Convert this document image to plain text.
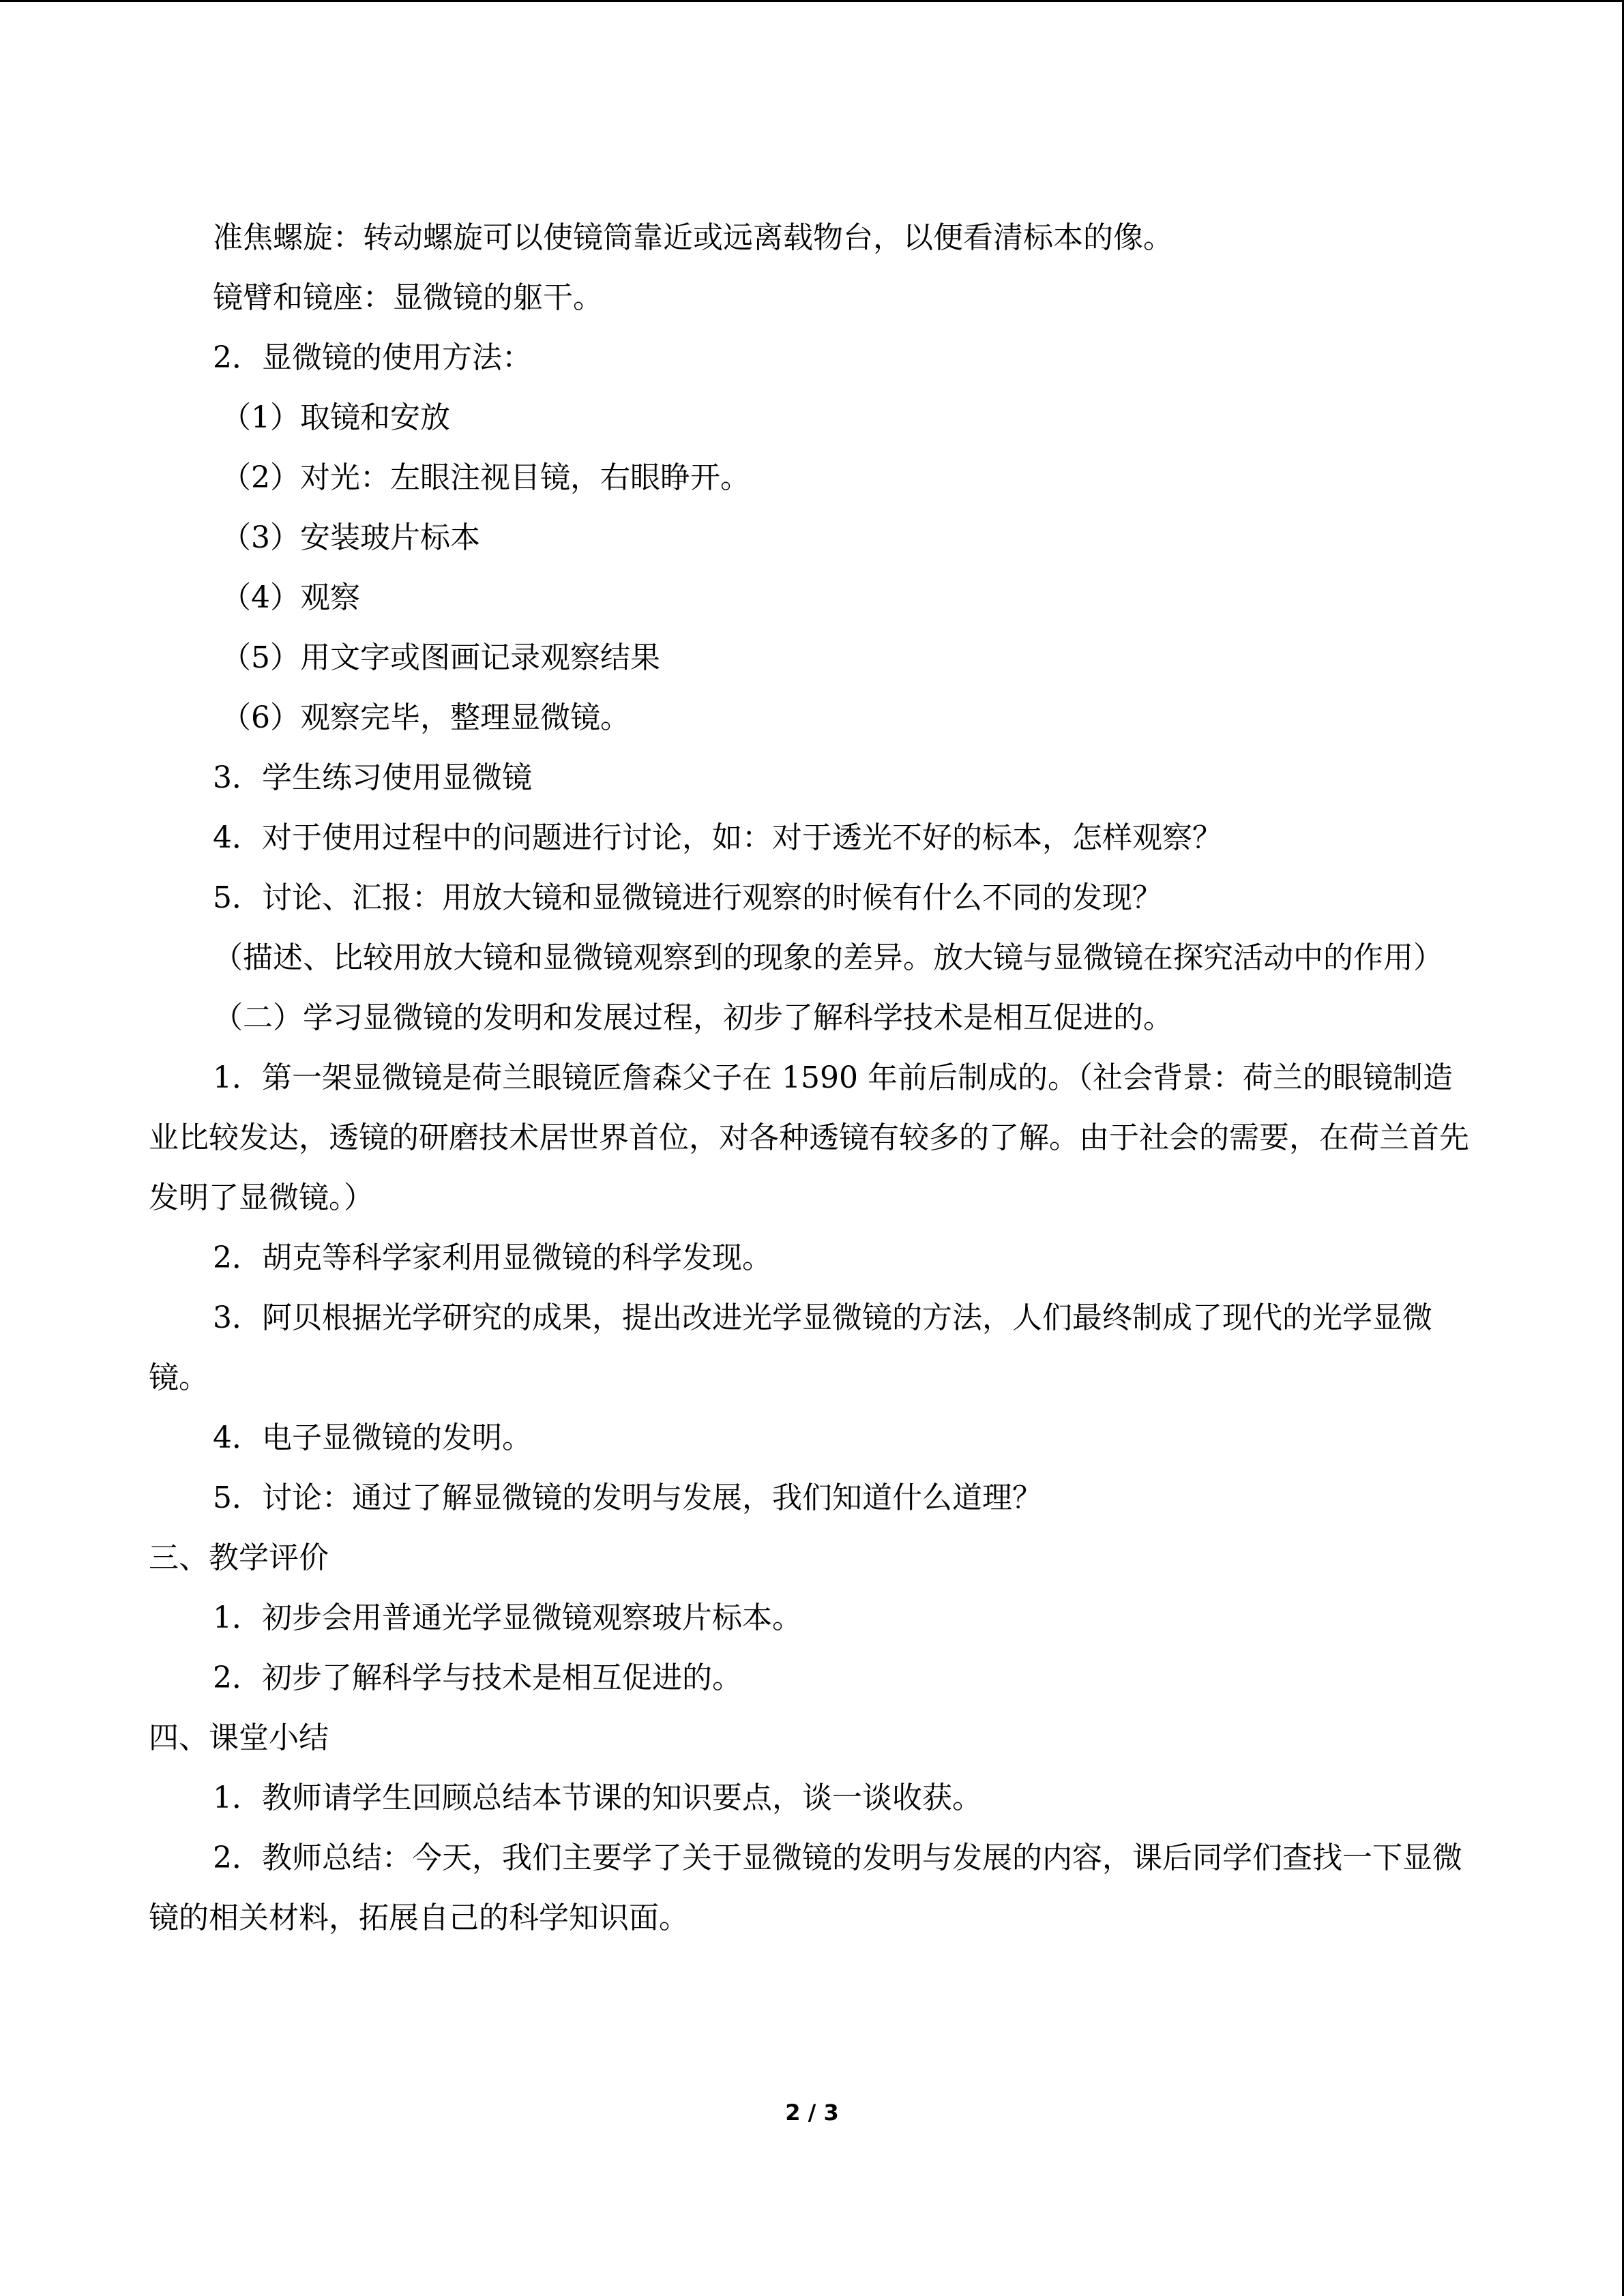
准焦螺旋：转动螺旋可以使镜筒靠近或远离载物台，以便看清标本的像。
镜臂和镜座：显微镜的躯干。
2．显微镜的使用方法：
（1）取镜和安放
（2）对光：左眼注视目镜，右眼睁开。
（3）安装玻片标本
（4）观察
（5）用文字或图画记录观察结果
（6）观察完毕，整理显微镜。
3．学生练习使用显微镜
4．对于使用过程中的问题进行讨论，如：对于透光不好的标本，怎样观察？
5．讨论、汇报：用放大镜和显微镜进行观察的时候有什么不同的发现？
（描述、比较用放大镜和显微镜观察到的现象的差异。放大镜与显微镜在探究活动中的作用）
（二）学习显微镜的发明和发展过程，初步了解科学技术是相互促进的。
1．第一架显微镜是荷兰眼镜匠詹森父子在 1590 年前后制成的。（社会背景：荷兰的眼镜制造业比较发达，透镜的研磨技术居世界首位，对各种透镜有较多的了解。由于社会的需要，在荷兰首先发明了显微镜。）
2．胡克等科学家利用显微镜的科学发现。
3．阿贝根据光学研究的成果，提出改进光学显微镜的方法，人们最终制成了现代的光学显微镜。
4．电子显微镜的发明。
5．讨论：通过了解显微镜的发明与发展，我们知道什么道理？
三、教学评价
1．初步会用普通光学显微镜观察玻片标本。
2．初步了解科学与技术是相互促进的。
四、课堂小结
1．教师请学生回顾总结本节课的知识要点，谈一谈收获。
2．教师总结：今天，我们主要学了关于显微镜的发明与发展的内容，课后同学们查找一下显微镜的相关材料，拓展自己的科学知识面。
2 / 3
